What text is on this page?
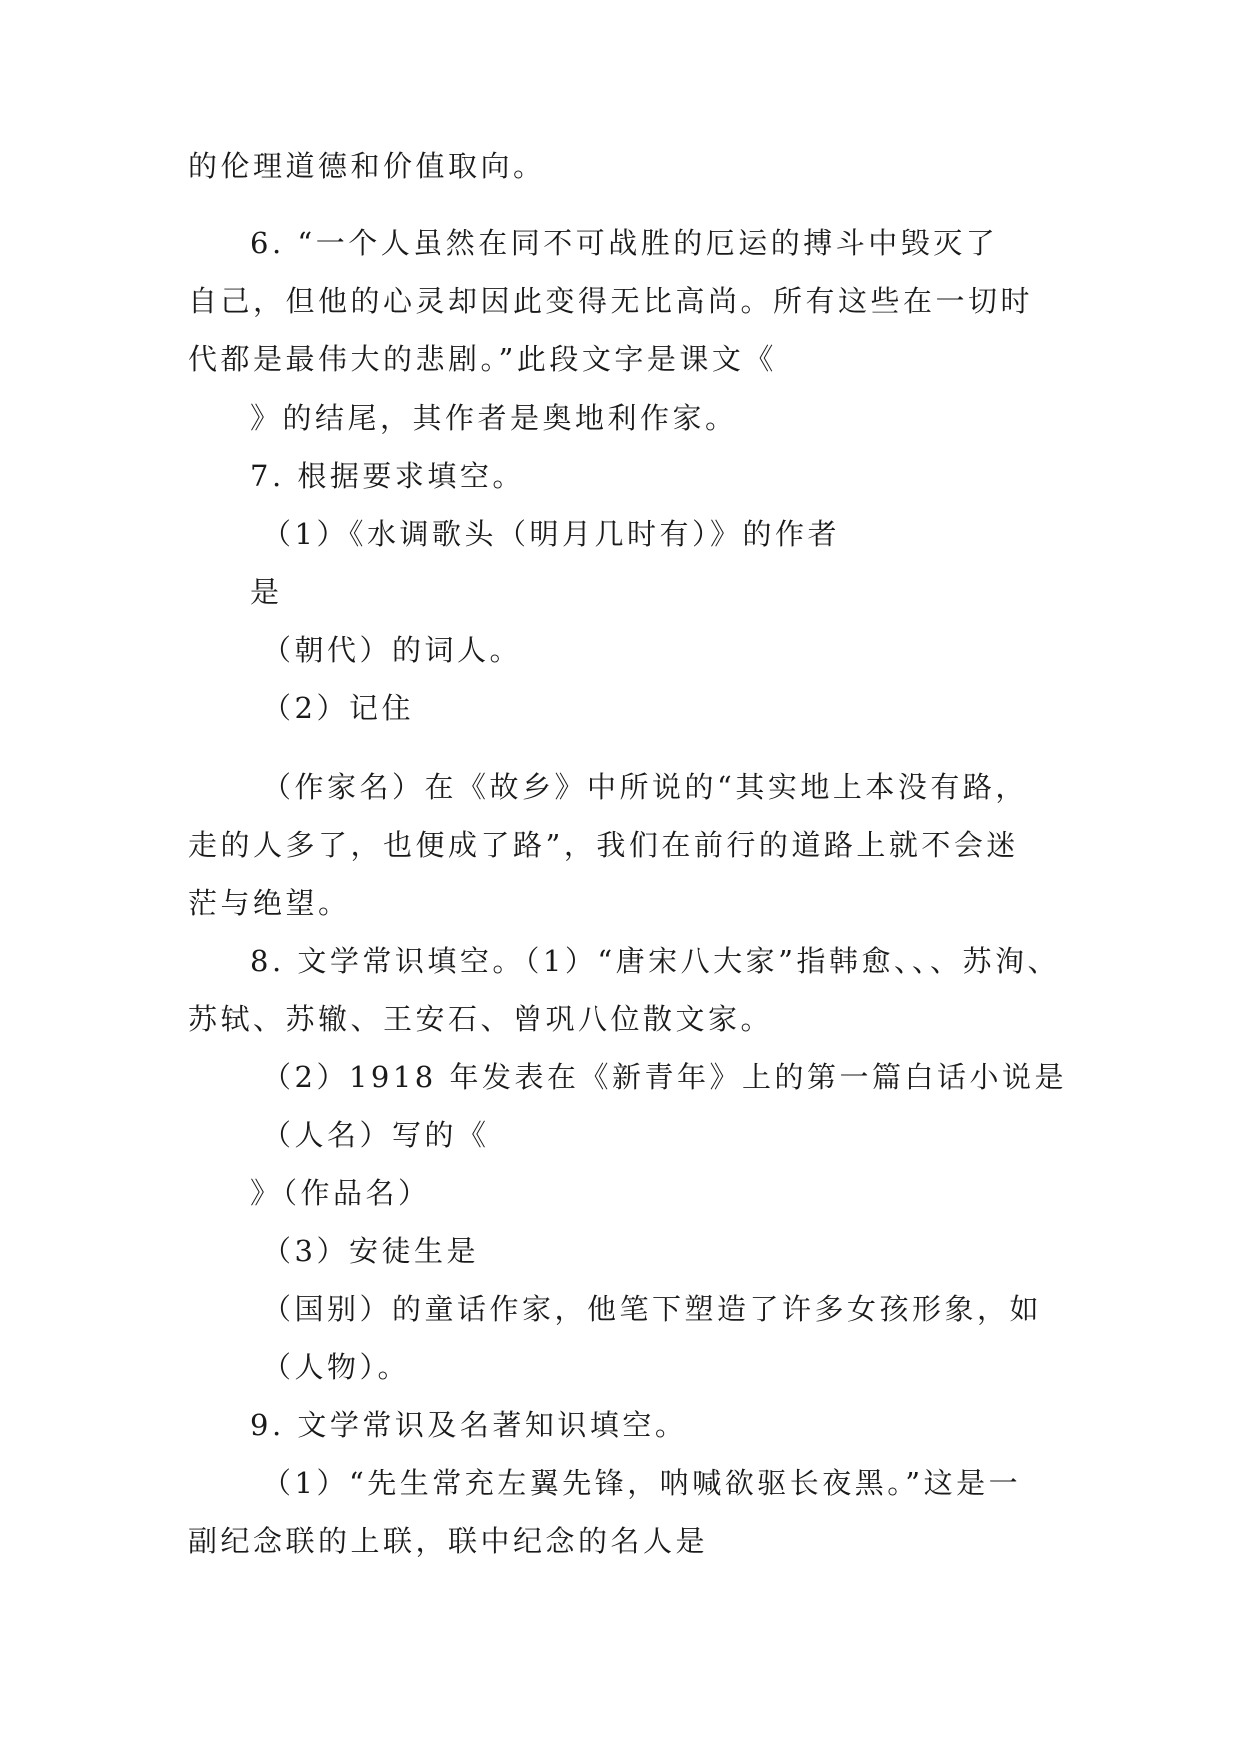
的伦理道德和价值取向。
6. “一个人虽然在同不可战胜的厄运的搏斗中毁灭了
自己，但他的心灵却因此变得无比高尚。所有这些在一切时
代都是最伟大的悲剧。”此段文字是课文《
》的结尾，其作者是奥地利作家。
7. 根据要求填空。
（1）《水调歌头（明月几时有）》的作者
是
（朝代）的词人。
（2）记住
（作家名）在《故乡》中所说的“其实地上本没有路，
走的人多了，也便成了路”，我们在前行的道路上就不会迷
茫与绝望。
8. 文学常识填空。（1）“唐宋八大家”指韩愈、、、苏洵、
苏轼、苏辙、王安石、曾巩八位散文家。
（2）1918 年发表在《新青年》上的第一篇白话小说是
（人名）写的《
》（作品名）
（3）安徒生是
（国别）的童话作家，他笔下塑造了许多女孩形象，如
（人物）。
9. 文学常识及名著知识填空。
（1）“先生常充左翼先锋，呐喊欲驱长夜黑。”这是一
副纪念联的上联，联中纪念的名人是
